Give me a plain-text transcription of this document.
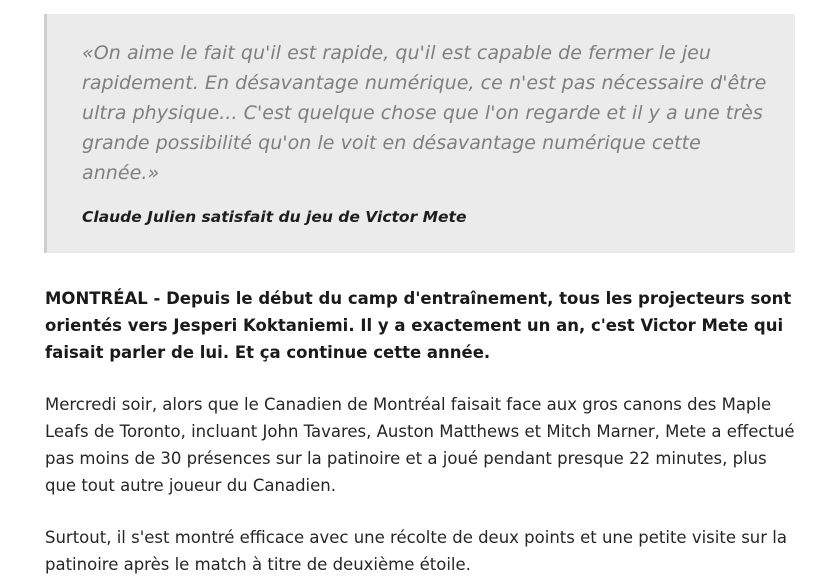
«On aime le fait qu'il est rapide, qu'il est capable de fermer le jeu rapidement. En désavantage numérique, ce n'est pas nécessaire d'être ultra physique... C'est quelque chose que l'on regarde et il y a une très grande possibilité qu'on le voit en désavantage numérique cette année.»

Claude Julien satisfait du jeu de Victor Mete

MONTRÉAL - Depuis le début du camp d'entraînement, tous les projecteurs sont orientés vers Jesperi Koktaniemi. Il y a exactement un an, c'est Victor Mete qui faisait parler de lui. Et ça continue cette année.

Mercredi soir, alors que le Canadien de Montréal faisait face aux gros canons des Maple Leafs de Toronto, incluant John Tavares, Auston Matthews et Mitch Marner, Mete a effectué pas moins de 30 présences sur la patinoire et a joué pendant presque 22 minutes, plus que tout autre joueur du Canadien.

Surtout, il s'est montré efficace avec une récolte de deux points et une petite visite sur la patinoire après le match à titre de deuxième étoile.
